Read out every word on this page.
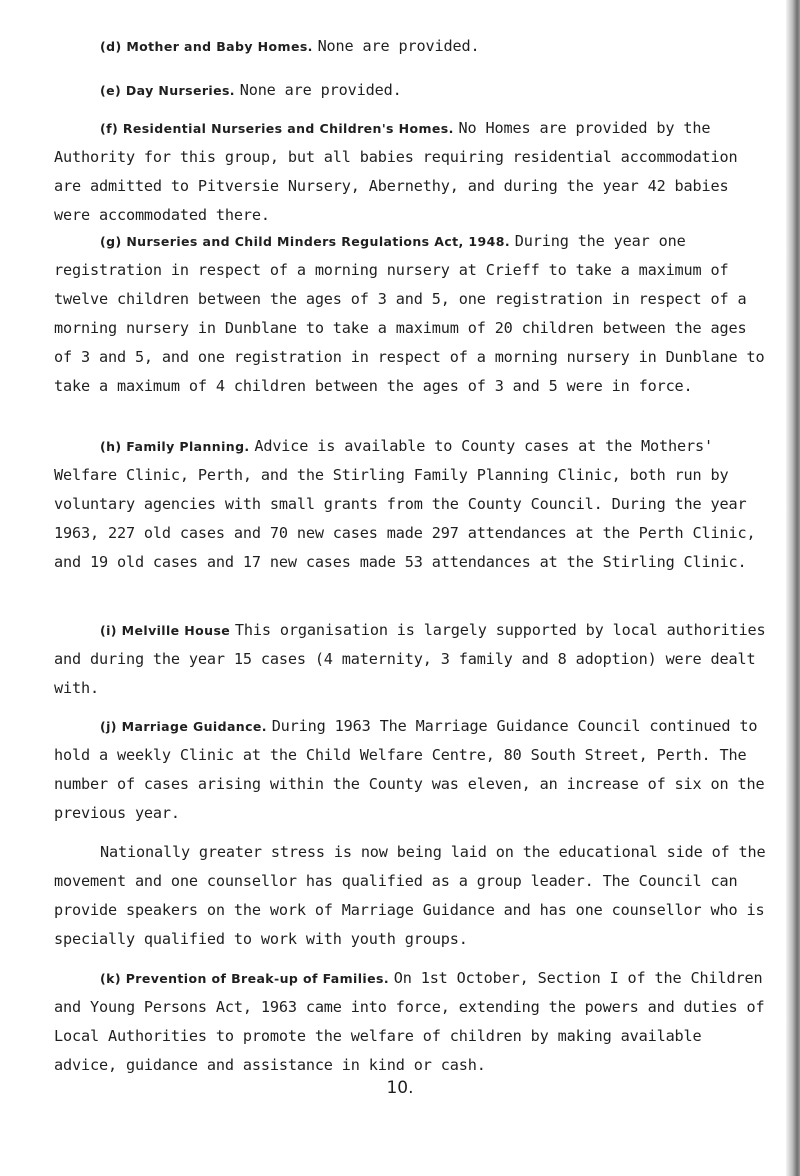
(d) Mother and Baby Homes. None are provided.
(e) Day Nurseries. None are provided.
(f) Residential Nurseries and Children's Homes. No Homes are provided by the Authority for this group, but all babies requiring residential accommodation are admitted to Pitversie Nursery, Abernethy, and during the year 42 babies were accommodated there.
(g) Nurseries and Child Minders Regulations Act, 1948. During the year one registration in respect of a morning nursery at Crieff to take a maximum of twelve children between the ages of 3 and 5, one registration in respect of a morning nursery in Dunblane to take a maximum of 20 children between the ages of 3 and 5, and one registration in respect of a morning nursery in Dunblane to take a maximum of 4 children between the ages of 3 and 5 were in force.
(h) Family Planning. Advice is available to County cases at the Mothers' Welfare Clinic, Perth, and the Stirling Family Planning Clinic, both run by voluntary agencies with small grants from the County Council. During the year 1963, 227 old cases and 70 new cases made 297 attendances at the Perth Clinic, and 19 old cases and 17 new cases made 53 attendances at the Stirling Clinic.
(i) Melville House This organisation is largely supported by local authorities and during the year 15 cases (4 maternity, 3 family and 8 adoption) were dealt with.
(j) Marriage Guidance. During 1963 The Marriage Guidance Council continued to hold a weekly Clinic at the Child Welfare Centre, 80 South Street, Perth. The number of cases arising within the County was eleven, an increase of six on the previous year.
Nationally greater stress is now being laid on the educational side of the movement and one counsellor has qualified as a group leader. The Council can provide speakers on the work of Marriage Guidance and has one counsellor who is specially qualified to work with youth groups.
(k) Prevention of Break-up of Families. On 1st October, Section I of the Children and Young Persons Act, 1963 came into force, extending the powers and duties of Local Authorities to promote the welfare of children by making available advice, guidance and assistance in kind or cash.
10.
